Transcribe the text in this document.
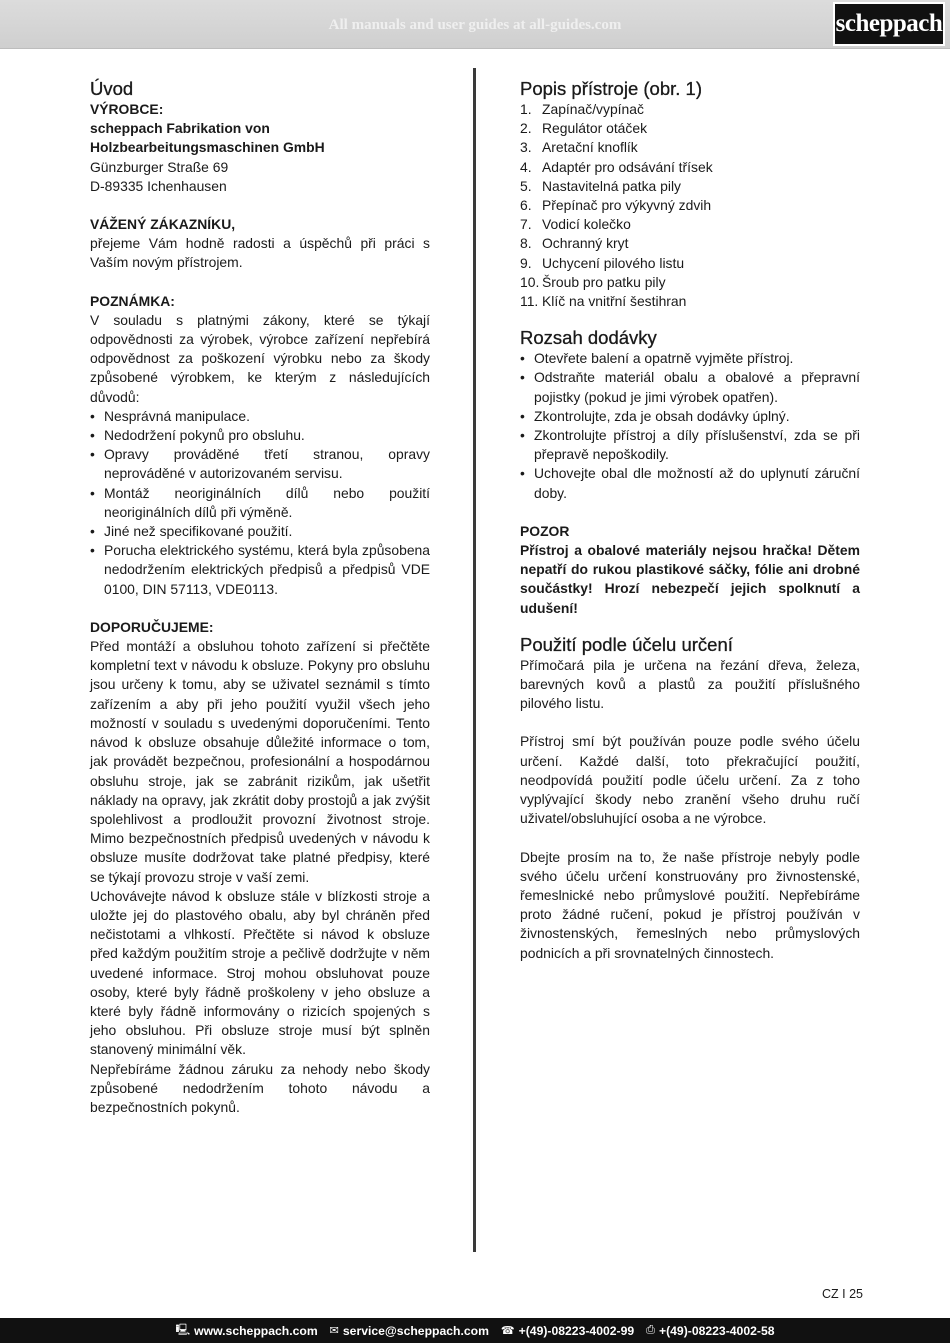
All manuals and user guides at all-guides.com	scheppach
Úvod

VÝROBCE:

scheppach Fabrikation von

Holzbearbeitungsmaschinen GmbH

Günzburger Straße 69

D-89335 Ichenhausen

VÁŽENÝ ZÁKAZNÍKU,

přejeme Vám hodně radosti a úspěchů při práci s Vaším novým přístrojem.

POZNÁMKA:

V souladu s platnými zákony, které se týkají odpovědnosti za výrobek, výrobce zařízení nepřebírá odpovědnost za poškození výrobku nebo za škody způsobené výrobkem, ke kterým z následujících důvodů:

• Nesprávná manipulace.
• Nedodržení pokynů pro obsluhu.
• Opravy prováděné třetí stranou, opravy neprováděné v autorizovaném servisu.
• Montáž neoriginálních dílů nebo použití neoriginálních dílů při výměně.
• Jiné než specifikované použití.
• Porucha elektrického systému, která byla způsobena nedodržením elektrických předpisů a předpisů VDE 0100, DIN 57113, VDE0113.

DOPORUČUJEME:

Před montáží a obsluhou tohoto zařízení si přečtěte kompletní text v návodu k obsluze. Pokyny pro obsluhu jsou určeny k tomu, aby se uživatel seznámil s tímto zařízením a aby při jeho použití využil všech jeho možností v souladu s uvedenými doporučeními. Tento návod k obsluze obsahuje důležité informace o tom, jak provádět bezpečnou, profesionální a hospodárnou obsluhu stroje, jak se zabránit rizikům, jak ušetřit náklady na opravy, jak zkrátit doby prostojů a jak zvýšit spolehlivost a prodloužit provozní životnost stroje. Mimo bezpečnostních předpisů uvedených v návodu k obsluze musíte dodržovat take platné předpisy, které se týkají provozu stroje v vaší zemi.

Uchovávejte návod k obsluze stále v blízkosti stroje a uložte jej do plastového obalu, aby byl chráněn před nečistotami a vlhkostí. Přečtěte si návod k obsluze před každým použitím stroje a pečlivě dodržujte v něm uvedené informace. Stroj mohou obsluhovat pouze osoby, které byly řádně proškoleny v jeho obsluze a které byly řádně informovány o rizicích spojených s jeho obsluhou. Při obsluze stroje musí být splněn stanovený minimální věk.

Nepřebíráme žádnou záruku za nehody nebo škody způsobené nedodržením tohoto návodu a bezpečnostních pokynů.

Popis přístroje (obr. 1)
1. Zapínač/vypínač
2. Regulátor otáček
3. Aretační knoflík
4. Adaptér pro odsávání třísek
5. Nastavitelná patka pily
6. Přepínač pro výkyvný zdvih
7. Vodicí kolečko
8. Ochranný kryt
9. Uchycení pilového listu
10. Šroub pro patku pily
11. Klíč na vnitřní šestihran
Rozsah dodávky
• Otevřete balení a opatrně vyjměte přístroj.
• Odstraňte materiál obalu a obalové a přepravní pojistky (pokud je jimi výrobek opatřen).
• Zkontrolujte, zda je obsah dodávky úplný.
• Zkontrolujte přístroj a díly příslušenství, zda se při přepravě nepoškodily.
• Uchovejte obal dle možností až do uplynutí záruční doby.

POZOR

Přístroj a obalové materiály nejsou hračka! Dětem nepatří do rukou plastikové sáčky, fólie ani drobné součástky! Hrozí nebezpečí jejich spolknutí a udušení!

Použití podle účelu určení

Přímočará pila je určena na řezání dřeva, železa, barevných kovů a plastů za použití příslušného pilového listu.

Přístroj smí být používán pouze podle svého účelu určení. Každé další, toto překračující použití, neodpovídá použití podle účelu určení. Za z toho vyplývající škody nebo zranění všeho druhu ručí uživatel/obsluhující osoba a ne výrobce.

Dbejte prosím na to, že naše přístroje nebyly podle svého účelu určení konstruovány pro živnostenské, řemeslnické nebo průmyslové použití. Nepřebíráme proto žádné ručení, pokud je přístroj používán v živnostenských, řemeslných nebo průmyslových podnicích a při srovnatelných činnostech.

CZ I 25
🖳 www.scheppach.com ✉ service@scheppach.com ☎ +(49)-08223-4002-99 ⎙ +(49)-08223-4002-58
